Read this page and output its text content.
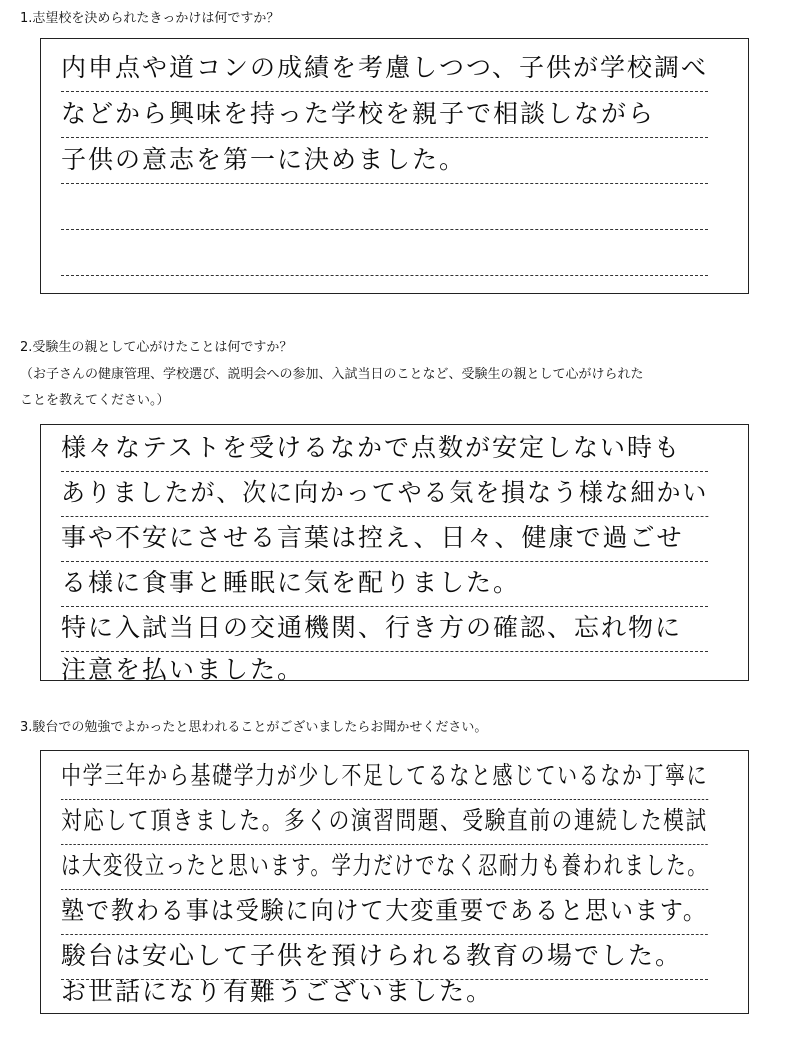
1.志望校を決められたきっかけは何ですか？
内申点や道コンの成績を考慮しつつ、子供が学校調べ
などから興味を持った学校を親子で相談しながら
子供の意志を第一に決めました。
2.受験生の親として心がけたことは何ですか？
（お子さんの健康管理、学校選び、説明会への参加、入試当日のことなど、受験生の親として心がけられた
ことを教えてください。）
様々なテストを受けるなかで点数が安定しない時も
ありましたが、次に向かってやる気を損なう様な細かい
事や不安にさせる言葉は控え、日々、健康で過ごせ
る様に食事と睡眠に気を配りました。
特に入試当日の交通機関、行き方の確認、忘れ物に
注意を払いました。
3.駿台での勉強でよかったと思われることがございましたらお聞かせください。
中学三年から基礎学力が少し不足してるなと感じているなか丁寧に
対応して頂きました。多くの演習問題、受験直前の連続した模試
は大変役立ったと思います。学力だけでなく忍耐力も養われました。
塾で教わる事は受験に向けて大変重要であると思います。
駿台は安心して子供を預けられる教育の場でした。
お世話になり有難うございました。
